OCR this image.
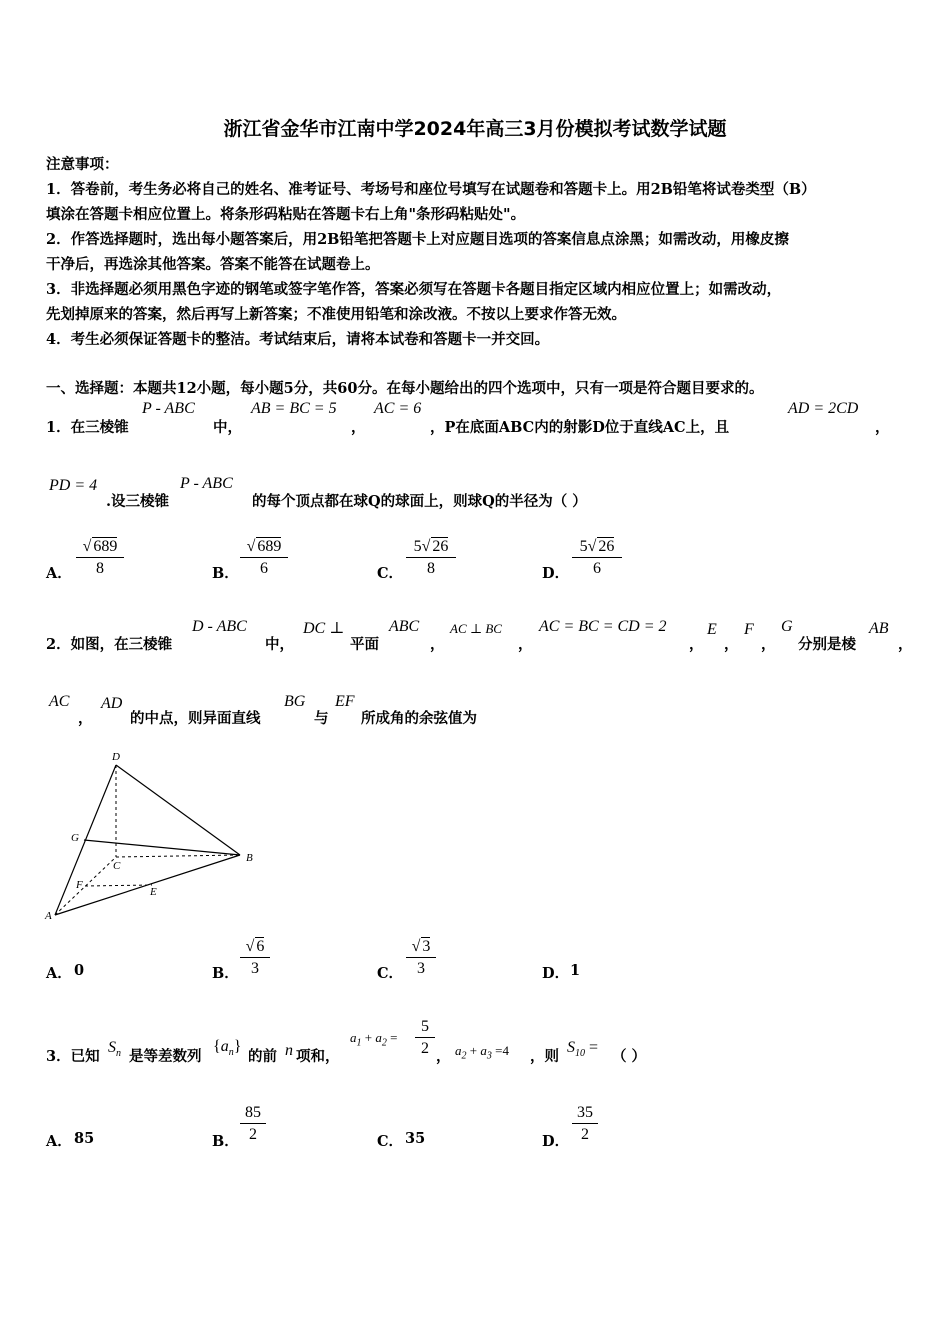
浙江省金华市江南中学2024年高三3月份模拟考试数学试题
注意事项：
1．答卷前，考生务必将自己的姓名、准考证号、考场号和座位号填写在试题卷和答题卡上。用2B铅笔将试卷类型（B）
填涂在答题卡相应位置上。将条形码粘贴在答题卡右上角"条形码粘贴处"。
2．作答选择题时，选出每小题答案后，用2B铅笔把答题卡上对应题目选项的答案信息点涂黑；如需改动，用橡皮擦
干净后，再选涂其他答案。答案不能答在试题卷上。
3．非选择题必须用黑色字迹的钢笔或签字笔作答，答案必须写在答题卡各题目指定区域内相应位置上；如需改动，
先划掉原来的答案，然后再写上新答案；不准使用铅笔和涂改液。不按以上要求作答无效。
4．考生必须保证答题卡的整洁。考试结束后，请将本试卷和答题卡一并交回。
一、选择题：本题共12小题，每小题5分，共60分。在每小题给出的四个选项中，只有一项是符合题目要求的。
1．在三棱锥
P - ABC
中，
AB = BC = 5
，
AC = 6
，P在底面ABC内的射影D位于直线AC上，且
AD = 2CD
，
PD = 4
.设三棱锥
P - ABC
的每个顶点都在球Q的球面上，则球Q的半径为（ ）
A． $\frac{√ 689}{8}$	B． $\frac{√ 689}{6}$	C． $\frac{5√ 26}{8}$	D． $\frac{5√ 26}{6}$
2．如图，在三棱锥
D - ABC
中，
DC ⊥
平面
ABC
，
AC ⊥ BC
，
AC = BC = CD = 2
，
E
，
F
，
G
分别是棱
AB
，
AC
，
AD
的中点，则异面直线
BG
与
EF
所成角的余弦值为
D
G
C
B
F
E
A
A． 0	B． $\frac{√ 6}{3}$	C． $\frac{√ 3}{3}$	D． 1
3．已知
$S_n$ 是等差数列
$\{a_n\}$
的前 n 项和，
$a_1 + a_2 = \frac{5}{2}$ ， $a_2 + a_3 =4$ ，则
$S_{10}$ =
（ ）
A． 85	B． $\frac{85}{2}$	C． 35	D． $\frac{35}{2}$
